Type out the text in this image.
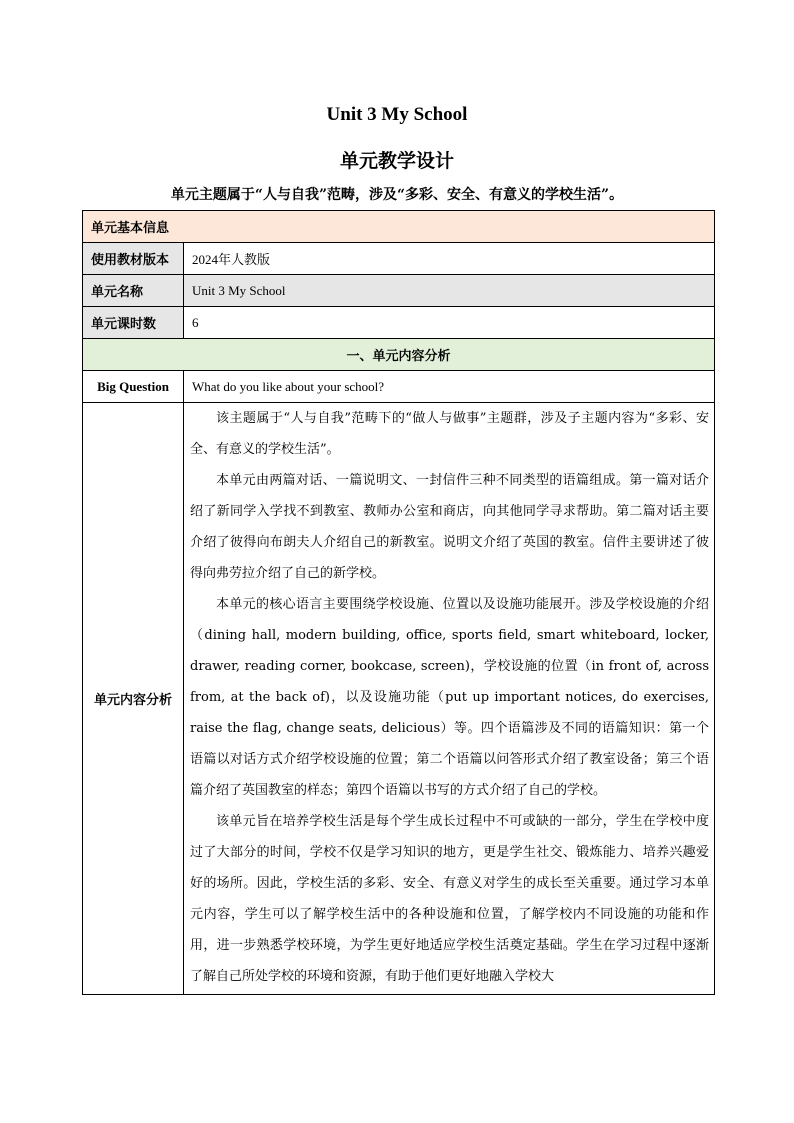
Unit 3 My School
单元教学设计
单元主题属于“人与自我”范畴，涉及“多彩、安全、有意义的学校生活”。
单元基本信息	
使用教材版本	2024年人教版
单元名称	Unit 3 My School
单元课时数	6
一、单元内容分析	
Big Question	What do you like about your school?
单元内容分析	该主题属于“人与自我”范畴下的“做人与做事”主题群，涉及子主题内容为“多彩、安全、有意义的学校生活”。

本单元由两篇对话、一篇说明文、一封信件三种不同类型的语篇组成。第一篇对话介绍了新同学入学找不到教室、教师办公室和商店，向其他同学寻求帮助。第二篇对话主要介绍了彼得向布朗夫人介绍自己的新教室。说明文介绍了英国的教室。信件主要讲述了彼得向弗劳拉介绍了自己的新学校。

本单元的核心语言主要围绕学校设施、位置以及设施功能展开。涉及学校设施的介绍（dining hall, modern building, office, sports field, smart whiteboard, locker, drawer, reading corner, bookcase, screen)，学校设施的位置（in front of, across from, at the back of)，以及设施功能（put up important notices, do exercises, raise the flag, change seats, delicious）等。四个语篇涉及不同的语篇知识：第一个语篇以对话方式介绍学校设施的位置；第二个语篇以问答形式介绍了教室设备；第三个语篇介绍了英国教室的样态；第四个语篇以书写的方式介绍了自己的学校。

该单元旨在培养学校生活是每个学生成长过程中不可或缺的一部分，学生在学校中度过了大部分的时间，学校不仅是学习知识的地方，更是学生社交、锻炼能力、培养兴趣爱好的场所。因此，学校生活的多彩、安全、有意义对学生的成长至关重要。通过学习本单元内容，学生可以了解学校生活中的各种设施和位置，了解学校内不同设施的功能和作用，进一步熟悉学校环境，为学生更好地适应学校生活奠定基础。学生在学习过程中逐渐了解自己所处学校的环境和资源，有助于他们更好地融入学校大
